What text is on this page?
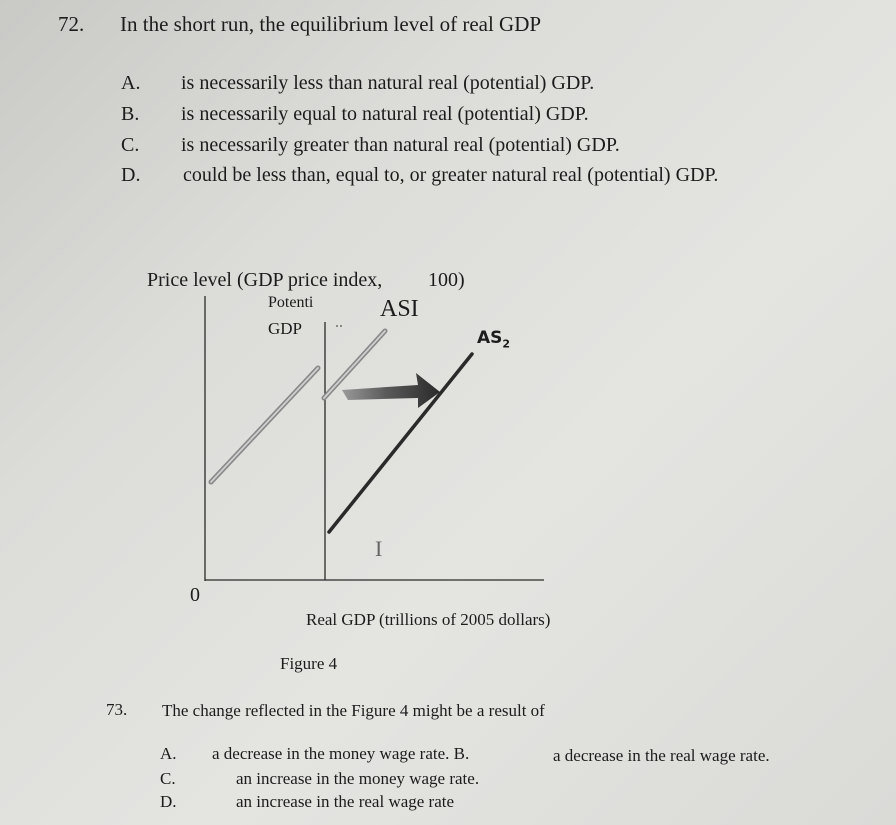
72. In the short run, the equilibrium level of real GDP
A. is necessarily less than natural real (potential) GDP.
B. is necessarily equal to natural real (potential) GDP.
C. is necessarily greater than natural real (potential) GDP.
D. could be less than, equal to, or greater natural real (potential) GDP.
Price level (GDP price index, 100)
Potenti
GDP
ASI
$AS_2$
I
0
Real GDP (trillions of 2005 dollars)
Figure 4
73. The change reflected in the Figure 4 might be a result of
A. a decrease in the money wage rate. B.	a decrease in the real wage rate.
C.	an increase in the money wage rate.
D.	an increase in the real wage rate
